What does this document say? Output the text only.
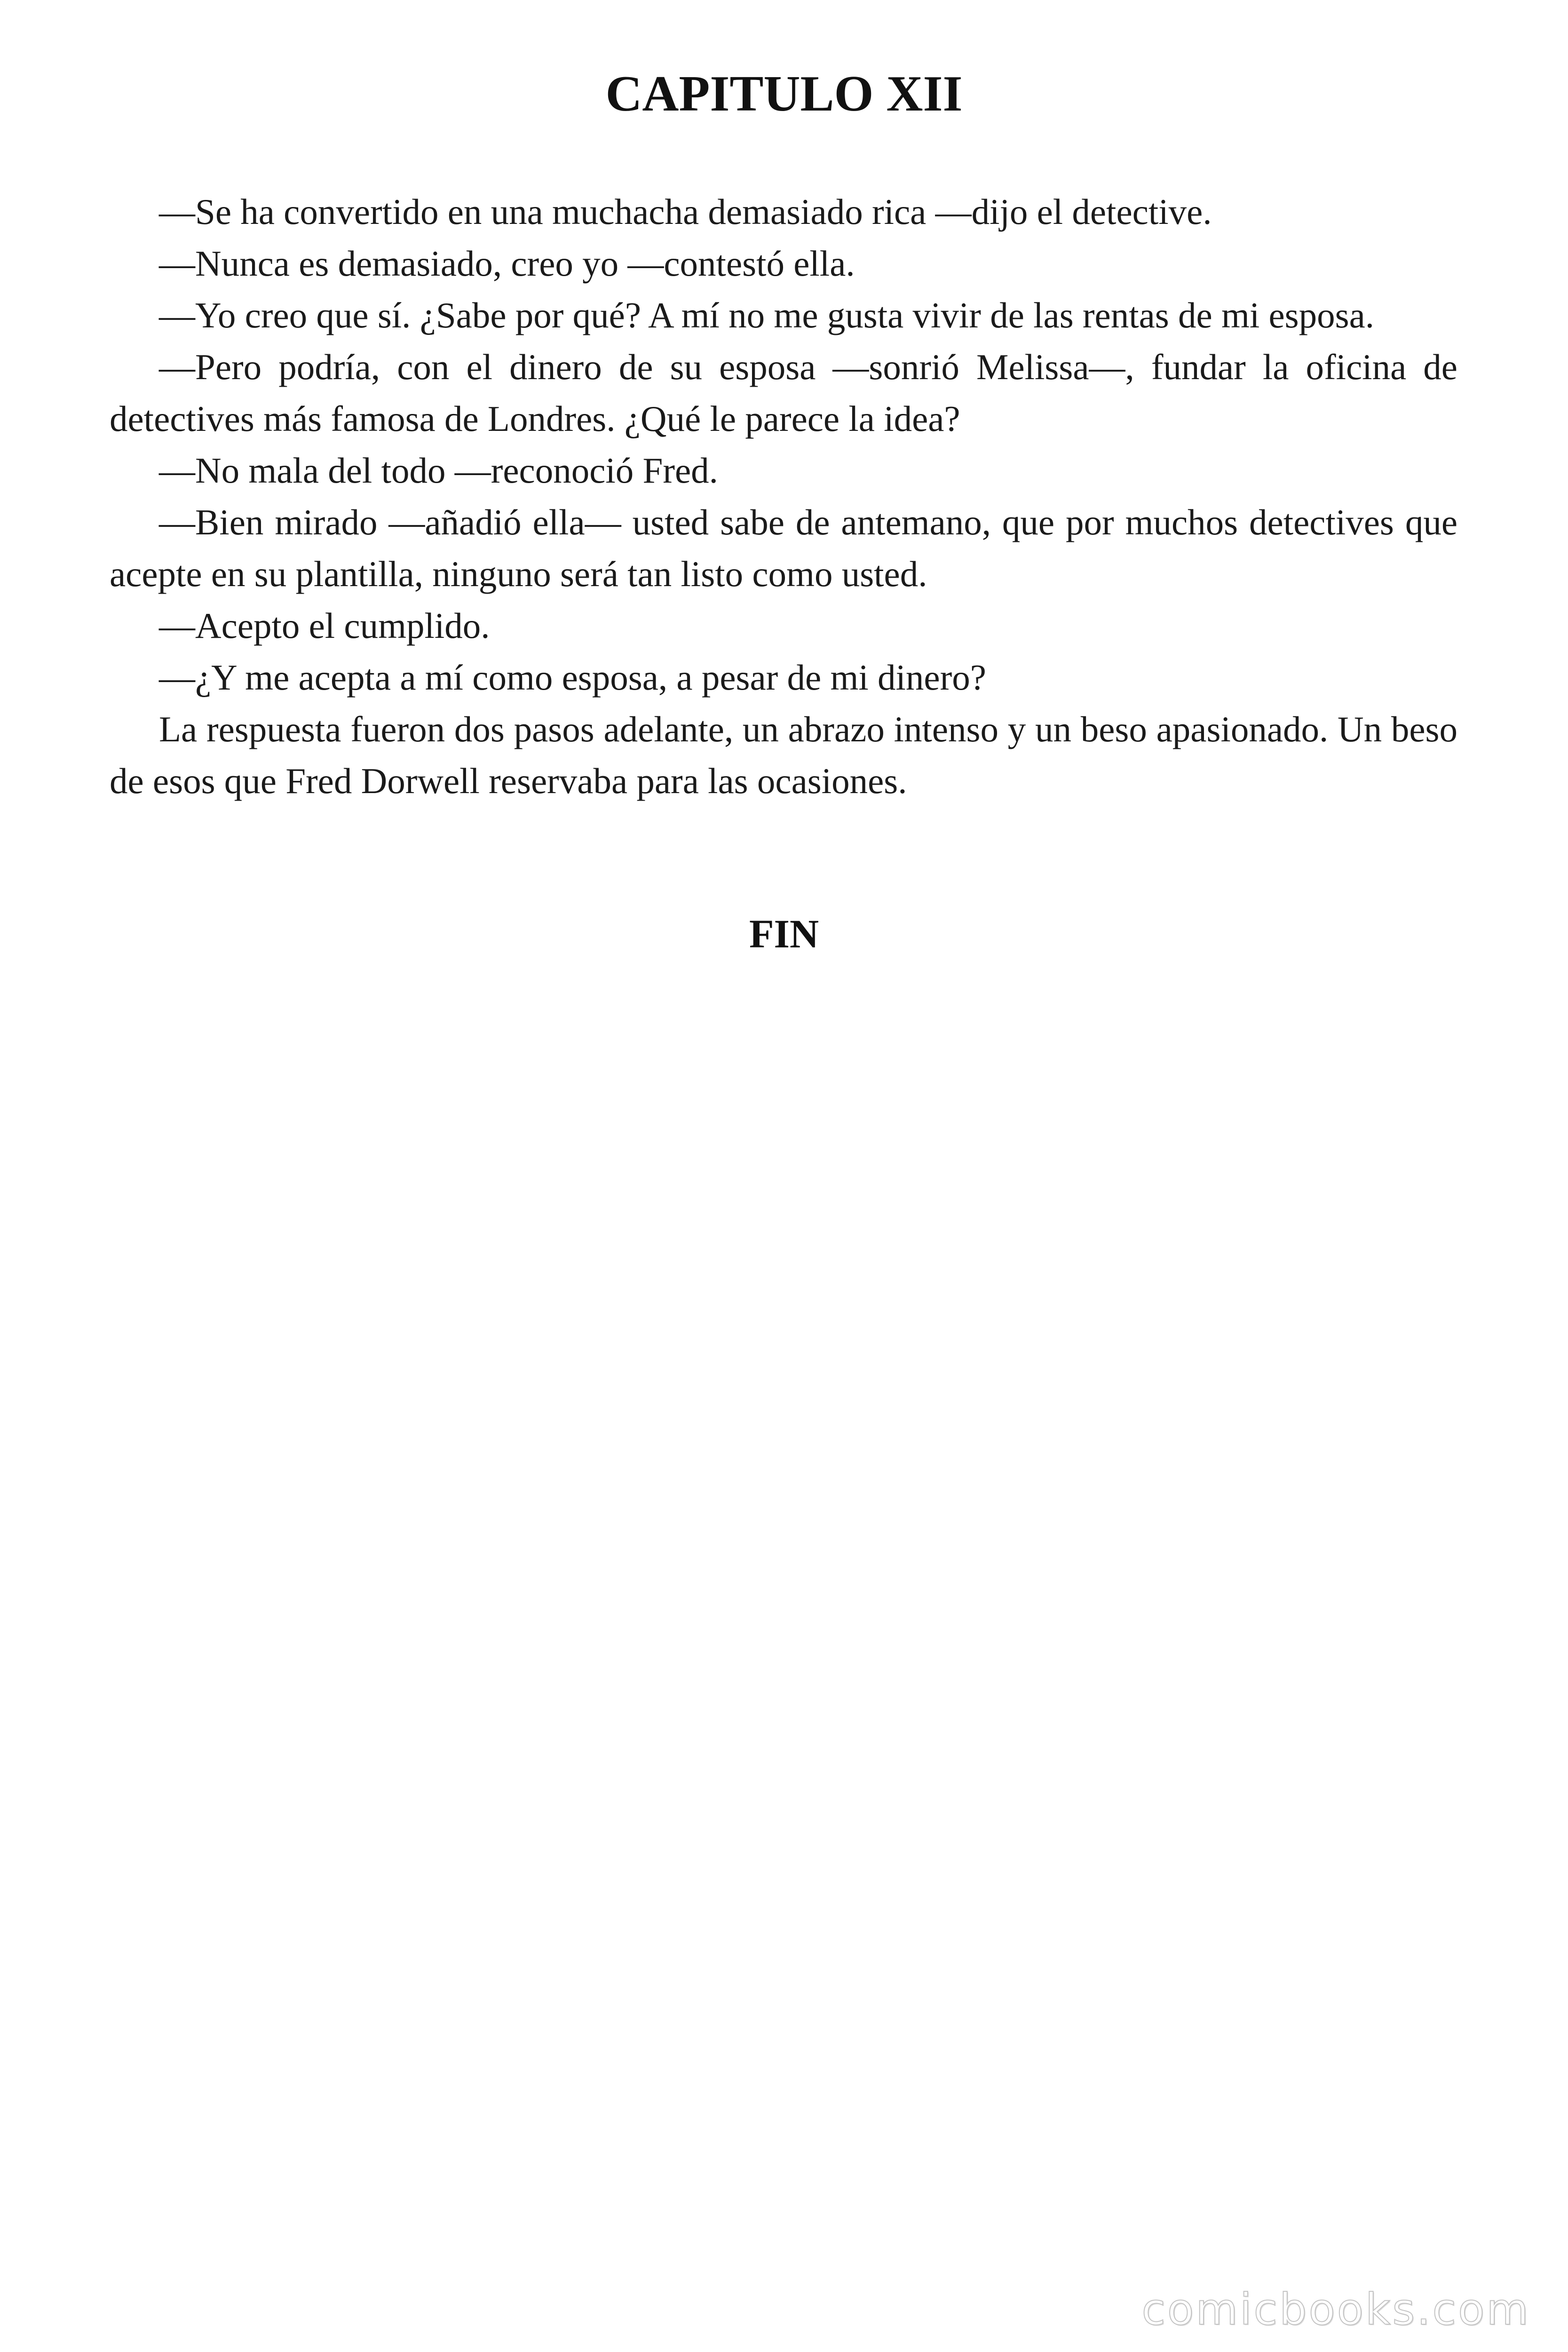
CAPITULO XII

—Se ha convertido en una muchacha demasiado rica —dijo el detective.

—Nunca es demasiado, creo yo —contestó ella.

—Yo creo que sí. ¿Sabe por qué? A mí no me gusta vivir de las rentas de mi esposa.

—Pero podría, con el dinero de su esposa —sonrió Melissa—, fundar la oficina de detectives más famosa de Londres. ¿Qué le parece la idea?

—No mala del todo —reconoció Fred.

—Bien mirado —añadió ella— usted sabe de antemano, que por muchos detectives que acepte en su plantilla, ninguno será tan listo como usted.

—Acepto el cumplido.

—¿Y me acepta a mí como esposa, a pesar de mi dinero?

La respuesta fueron dos pasos adelante, un abrazo intenso y un beso apasionado. Un beso de esos que Fred Dorwell reservaba para las ocasiones.

FIN
comicbooks.com
